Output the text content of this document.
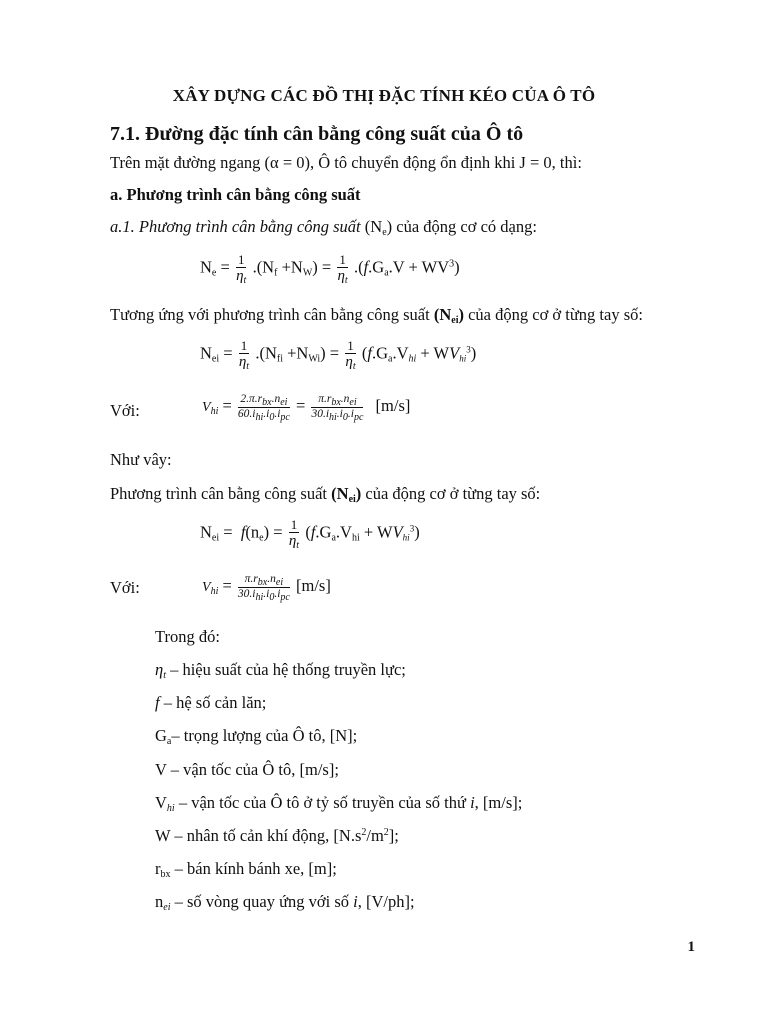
XÂY DỰNG CÁC ĐỒ THỊ ĐẶC TÍNH KÉO CỦA Ô TÔ
7.1. Đường đặc tính cân bằng công suất của Ô tô
Trên mặt đường ngang (α = 0), Ô tô chuyển động ổn định khi J = 0, thì:
a. Phương trình cân bằng công suất
a.1. Phương trình cân bằng công suất $(N_e)$ của động cơ có dạng:
$N_e = \frac{1}{\eta_t} .(N_f +N_W) = \frac{1}{\eta_t} .(f.G_a.V + WV^3)$
Tương ứng với phương trình cân bằng công suất $(N_{ei})$ của động cơ ở từng tay số:
$N_{ei} = \frac{1}{\eta_t} .(N_{fi} +N_{Wi}) = \frac{1}{\eta_t} (f.G_a.V_{hi} + WV_{hi}^3)$
Với:	$V_{hi} = \frac{2.\pi.r_{bx}.n_{ei}}{60.i_{hi}.i_0.i_{pc}} = \frac{\pi.r_{bx}.n_{ei}}{30.i_{hi}.i_0.i_{pc}} [m/s]$
Như vây:
Phương trình cân bằng công suất $(N_{ei})$ của động cơ ở từng tay số:
$N_{ei} = f(n_e) = \frac{1}{\eta_t} (f.G_a.V_{hi} + WV_{hi}^3)$
Với:	$V_{hi} = \frac{\pi.r_{bx}.n_{ei}}{30.i_{hi}.i_0.i_{pc}} [m/s]$
Trong đó:
$\eta_t$ – hiệu suất của hệ thống truyền lực;
f – hệ số cản lăn;
$G_a-$ trọng lượng của Ô tô, [N];
V – vận tốc của Ô tô, [m/s];
$V_{hi}$ – vận tốc của Ô tô ở tỷ số truyền của số thứ i, [m/s];
W – nhân tố cản khí động, $[N.s^2/m^2]$;
$r_{bx}$ – bán kính bánh xe, [m];
$n_{ei}$ – số vòng quay ứng với số i, [V/ph];
1
